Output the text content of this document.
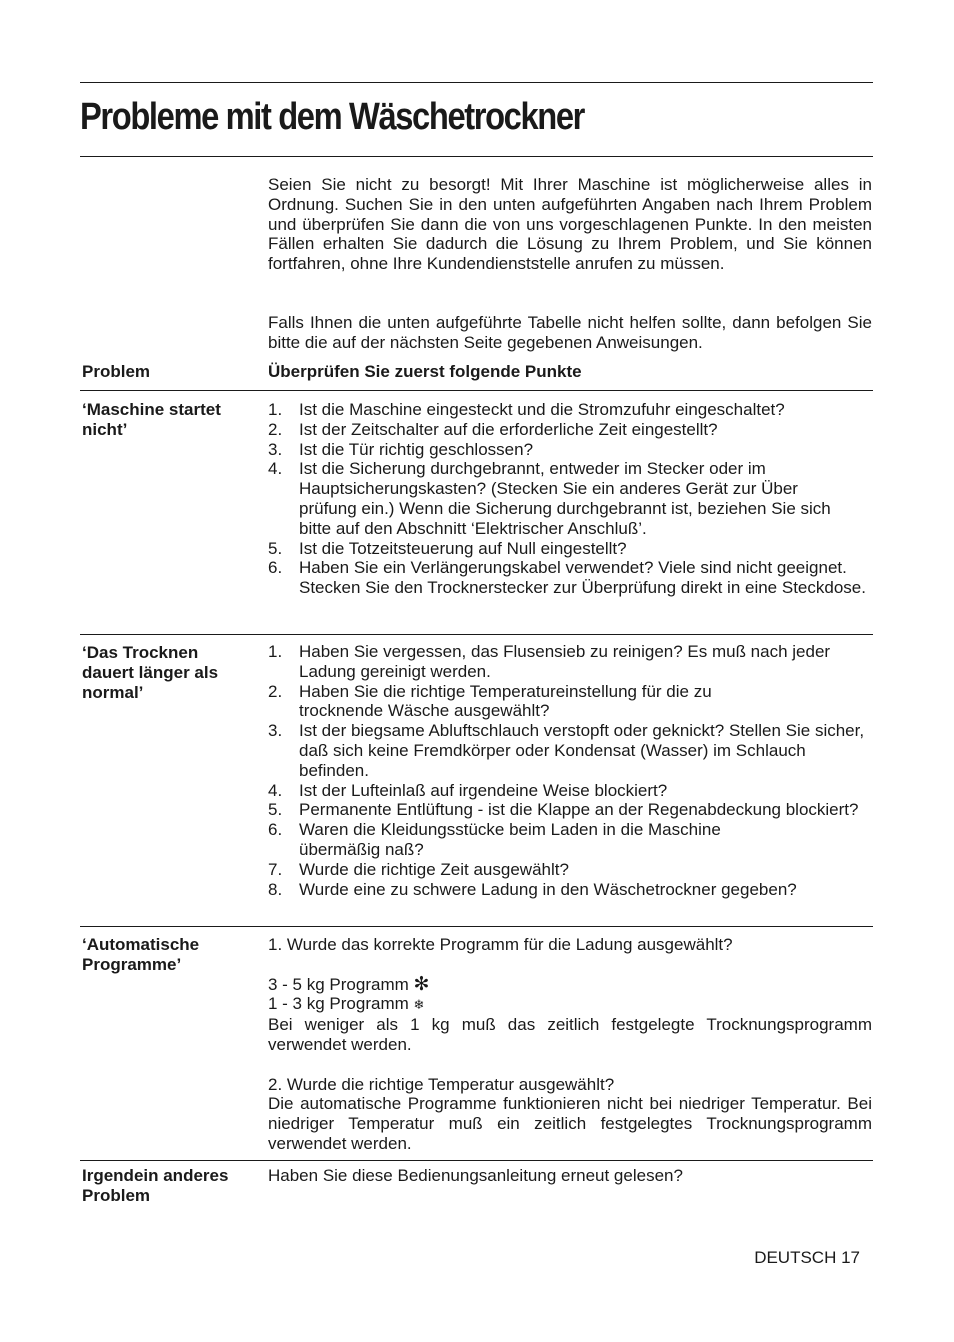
Probleme mit dem Wäschetrockner

Seien Sie nicht zu besorgt! Mit Ihrer Maschine ist möglicherweise alles in Ordnung. Suchen Sie in den unten aufgeführten Angaben nach Ihrem Problem und überprüfen Sie dann die von uns vorgeschlagenen Punkte. In den meisten Fällen erhalten Sie dadurch die Lösung zu Ihrem Problem, und Sie können fortfahren, ohne Ihre Kundendienststelle anrufen zu müssen.

Falls Ihnen die unten aufgeführte Tabelle nicht helfen sollte, dann befolgen Sie bitte die auf der nächsten Seite gegebenen Anweisungen.

Problem	Überprüfen Sie zuerst folgende Punkte
‘Maschine startet nicht’
1. Ist die Maschine eingesteckt und die Stromzufuhr eingeschaltet?
2. Ist der Zeitschalter auf die erforderliche Zeit eingestellt?
3. Ist die Tür richtig geschlossen?
4. Ist die Sicherung durchgebrannt, entweder im Stecker oder im Hauptsicherungskasten? (Stecken Sie ein anderes Gerät zur Über prüfung ein.) Wenn die Sicherung durchgebrannt ist, beziehen Sie sich bitte auf den Abschnitt ‘Elektrischer Anschluß’.
5. Ist die Totzeitsteuerung auf Null eingestellt?
6. Haben Sie ein Verlängerungskabel verwendet? Viele sind nicht geeignet. Stecken Sie den Trocknerstecker zur Überprüfung direkt in eine Steckdose.
‘Das Trocknen dauert länger als normal’
1. Haben Sie vergessen, das Flusensieb zu reinigen? Es muß nach jeder Ladung gereinigt werden.
2. Haben Sie die richtige Temperatureinstellung für die zu trocknende Wäsche ausgewählt?
3. Ist der biegsame Abluftschlauch verstopft oder geknickt? Stellen Sie sicher, daß sich keine Fremdkörper oder Kondensat (Wasser) im Schlauch befinden.
4. Ist der Lufteinlaß auf irgendeine Weise blockiert?
5. Permanente Entlüftung - ist die Klappe an der Regenabdeckung blockiert?
6. Waren die Kleidungsstücke beim Laden in die Maschine übermäßig naß?
7. Wurde die richtige Zeit ausgewählt?
8. Wurde eine zu schwere Ladung in den Wäschetrockner gegeben?
‘Automatische Programme’

1. Wurde das korrekte Programm für die Ladung ausgewählt?

3 - 5 kg Programm ✻

1 - 3 kg Programm ❄

Bei weniger als 1 kg muß das zeitlich festgelegte Trocknungsprogramm verwendet werden.

2. Wurde die richtige Temperatur ausgewählt?

Die automatische Programme funktionieren nicht bei niedriger Temperatur. Bei niedriger Temperatur muß ein zeitlich festgelegtes Trocknungsprogramm verwendet werden.

Irgendein anderes Problem
Haben Sie diese Bedienungsanleitung erneut gelesen?
DEUTSCH 17
